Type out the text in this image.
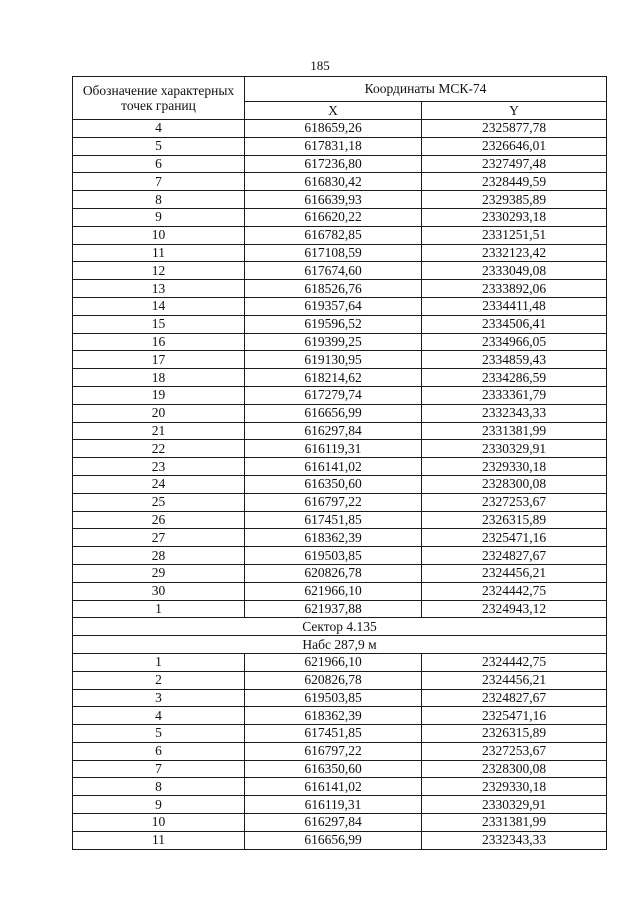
185
Обозначение характерных точек границ	Координаты МСК-74	
	X	Y
4	618659,26	2325877,78
5	617831,18	2326646,01
6	617236,80	2327497,48
7	616830,42	2328449,59
8	616639,93	2329385,89
9	616620,22	2330293,18
10	616782,85	2331251,51
11	617108,59	2332123,42
12	617674,60	2333049,08
13	618526,76	2333892,06
14	619357,64	2334411,48
15	619596,52	2334506,41
16	619399,25	2334966,05
17	619130,95	2334859,43
18	618214,62	2334286,59
19	617279,74	2333361,79
20	616656,99	2332343,33
21	616297,84	2331381,99
22	616119,31	2330329,91
23	616141,02	2329330,18
24	616350,60	2328300,08
25	616797,22	2327253,67
26	617451,85	2326315,89
27	618362,39	2325471,16
28	619503,85	2324827,67
29	620826,78	2324456,21
30	621966,10	2324442,75
1	621937,88	2324943,12
Сектор 4.135		
Набс 287,9 м		
1	621966,10	2324442,75
2	620826,78	2324456,21
3	619503,85	2324827,67
4	618362,39	2325471,16
5	617451,85	2326315,89
6	616797,22	2327253,67
7	616350,60	2328300,08
8	616141,02	2329330,18
9	616119,31	2330329,91
10	616297,84	2331381,99
11	616656,99	2332343,33
